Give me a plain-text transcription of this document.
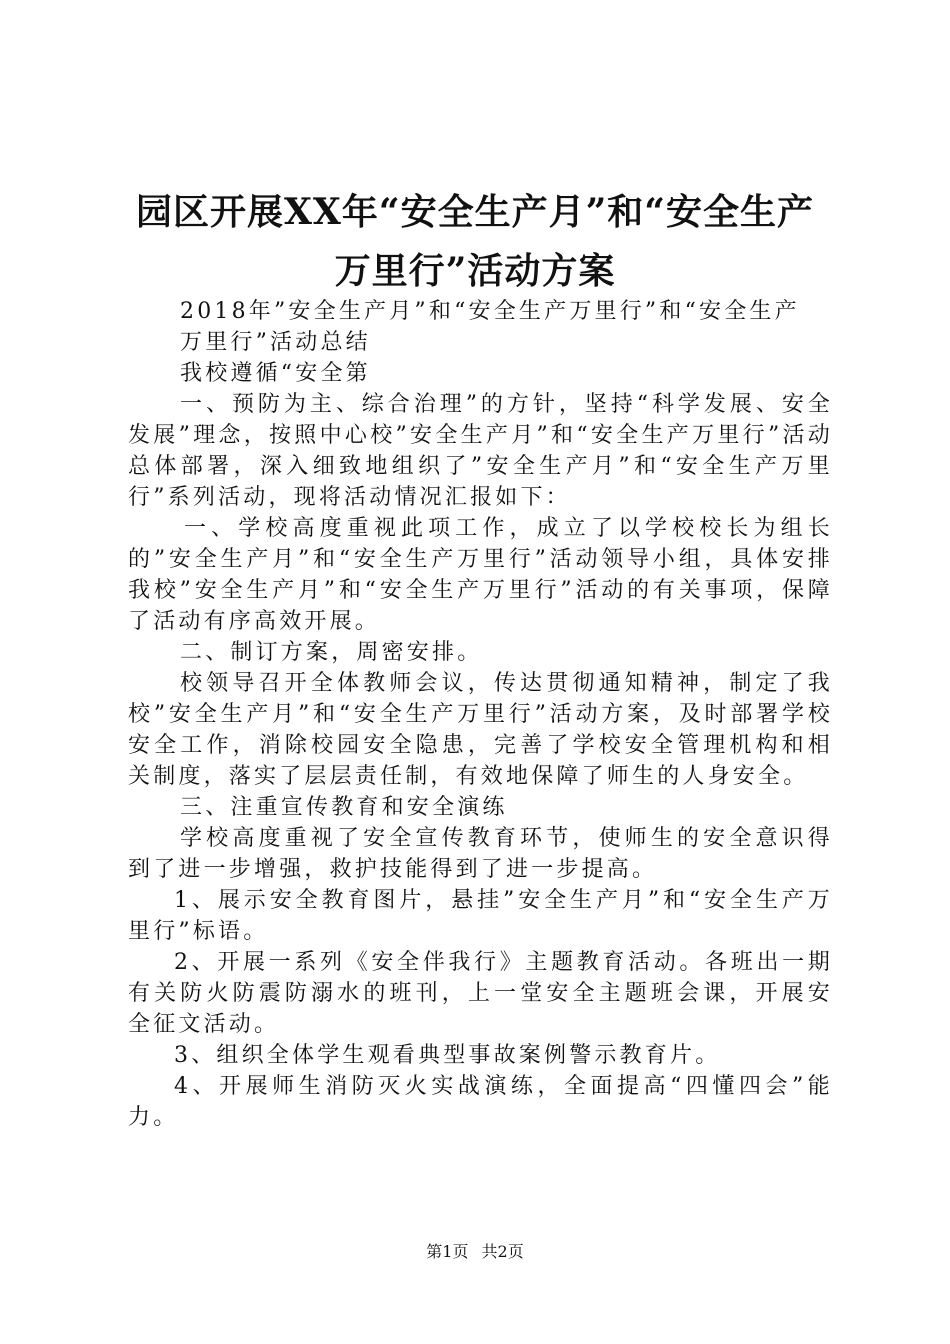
园区开展XX年“安全生产月”和“安全生产
万里行”活动方案

2018年”安全生产月”和“安全生产万里行”和“安全生产

万里行”活动总结

我校遵循“安全第

一、预防为主、综合治理”的方针，坚持“科学发展、安全发展”理念，按照中心校”安全生产月”和“安全生产万里行”活动总体部署，深入细致地组织了”安全生产月”和“安全生产万里行”系列活动，现将活动情况汇报如下：

一、学校高度重视此项工作，成立了以学校校长为组长的”安全生产月”和“安全生产万里行”活动领导小组，具体安排我校”安全生产月”和“安全生产万里行”活动的有关事项，保障了活动有序高效开展。

二、制订方案，周密安排。

校领导召开全体教师会议，传达贯彻通知精神，制定了我校”安全生产月”和“安全生产万里行”活动方案，及时部署学校安全工作，消除校园安全隐患，完善了学校安全管理机构和相关制度，落实了层层责任制，有效地保障了师生的人身安全。

三、注重宣传教育和安全演练

学校高度重视了安全宣传教育环节，使师生的安全意识得到了进一步增强，救护技能得到了进一步提高。

1、展示安全教育图片，悬挂”安全生产月”和“安全生产万里行”标语。

2、开展一系列《安全伴我行》主题教育活动。各班出一期有关防火防震防溺水的班刊，上一堂安全主题班会课，开展安全征文活动。

3、组织全体学生观看典型事故案例警示教育片。

4、开展师生消防灭火实战演练，全面提高“四懂四会”能力。

第1页 共2页
